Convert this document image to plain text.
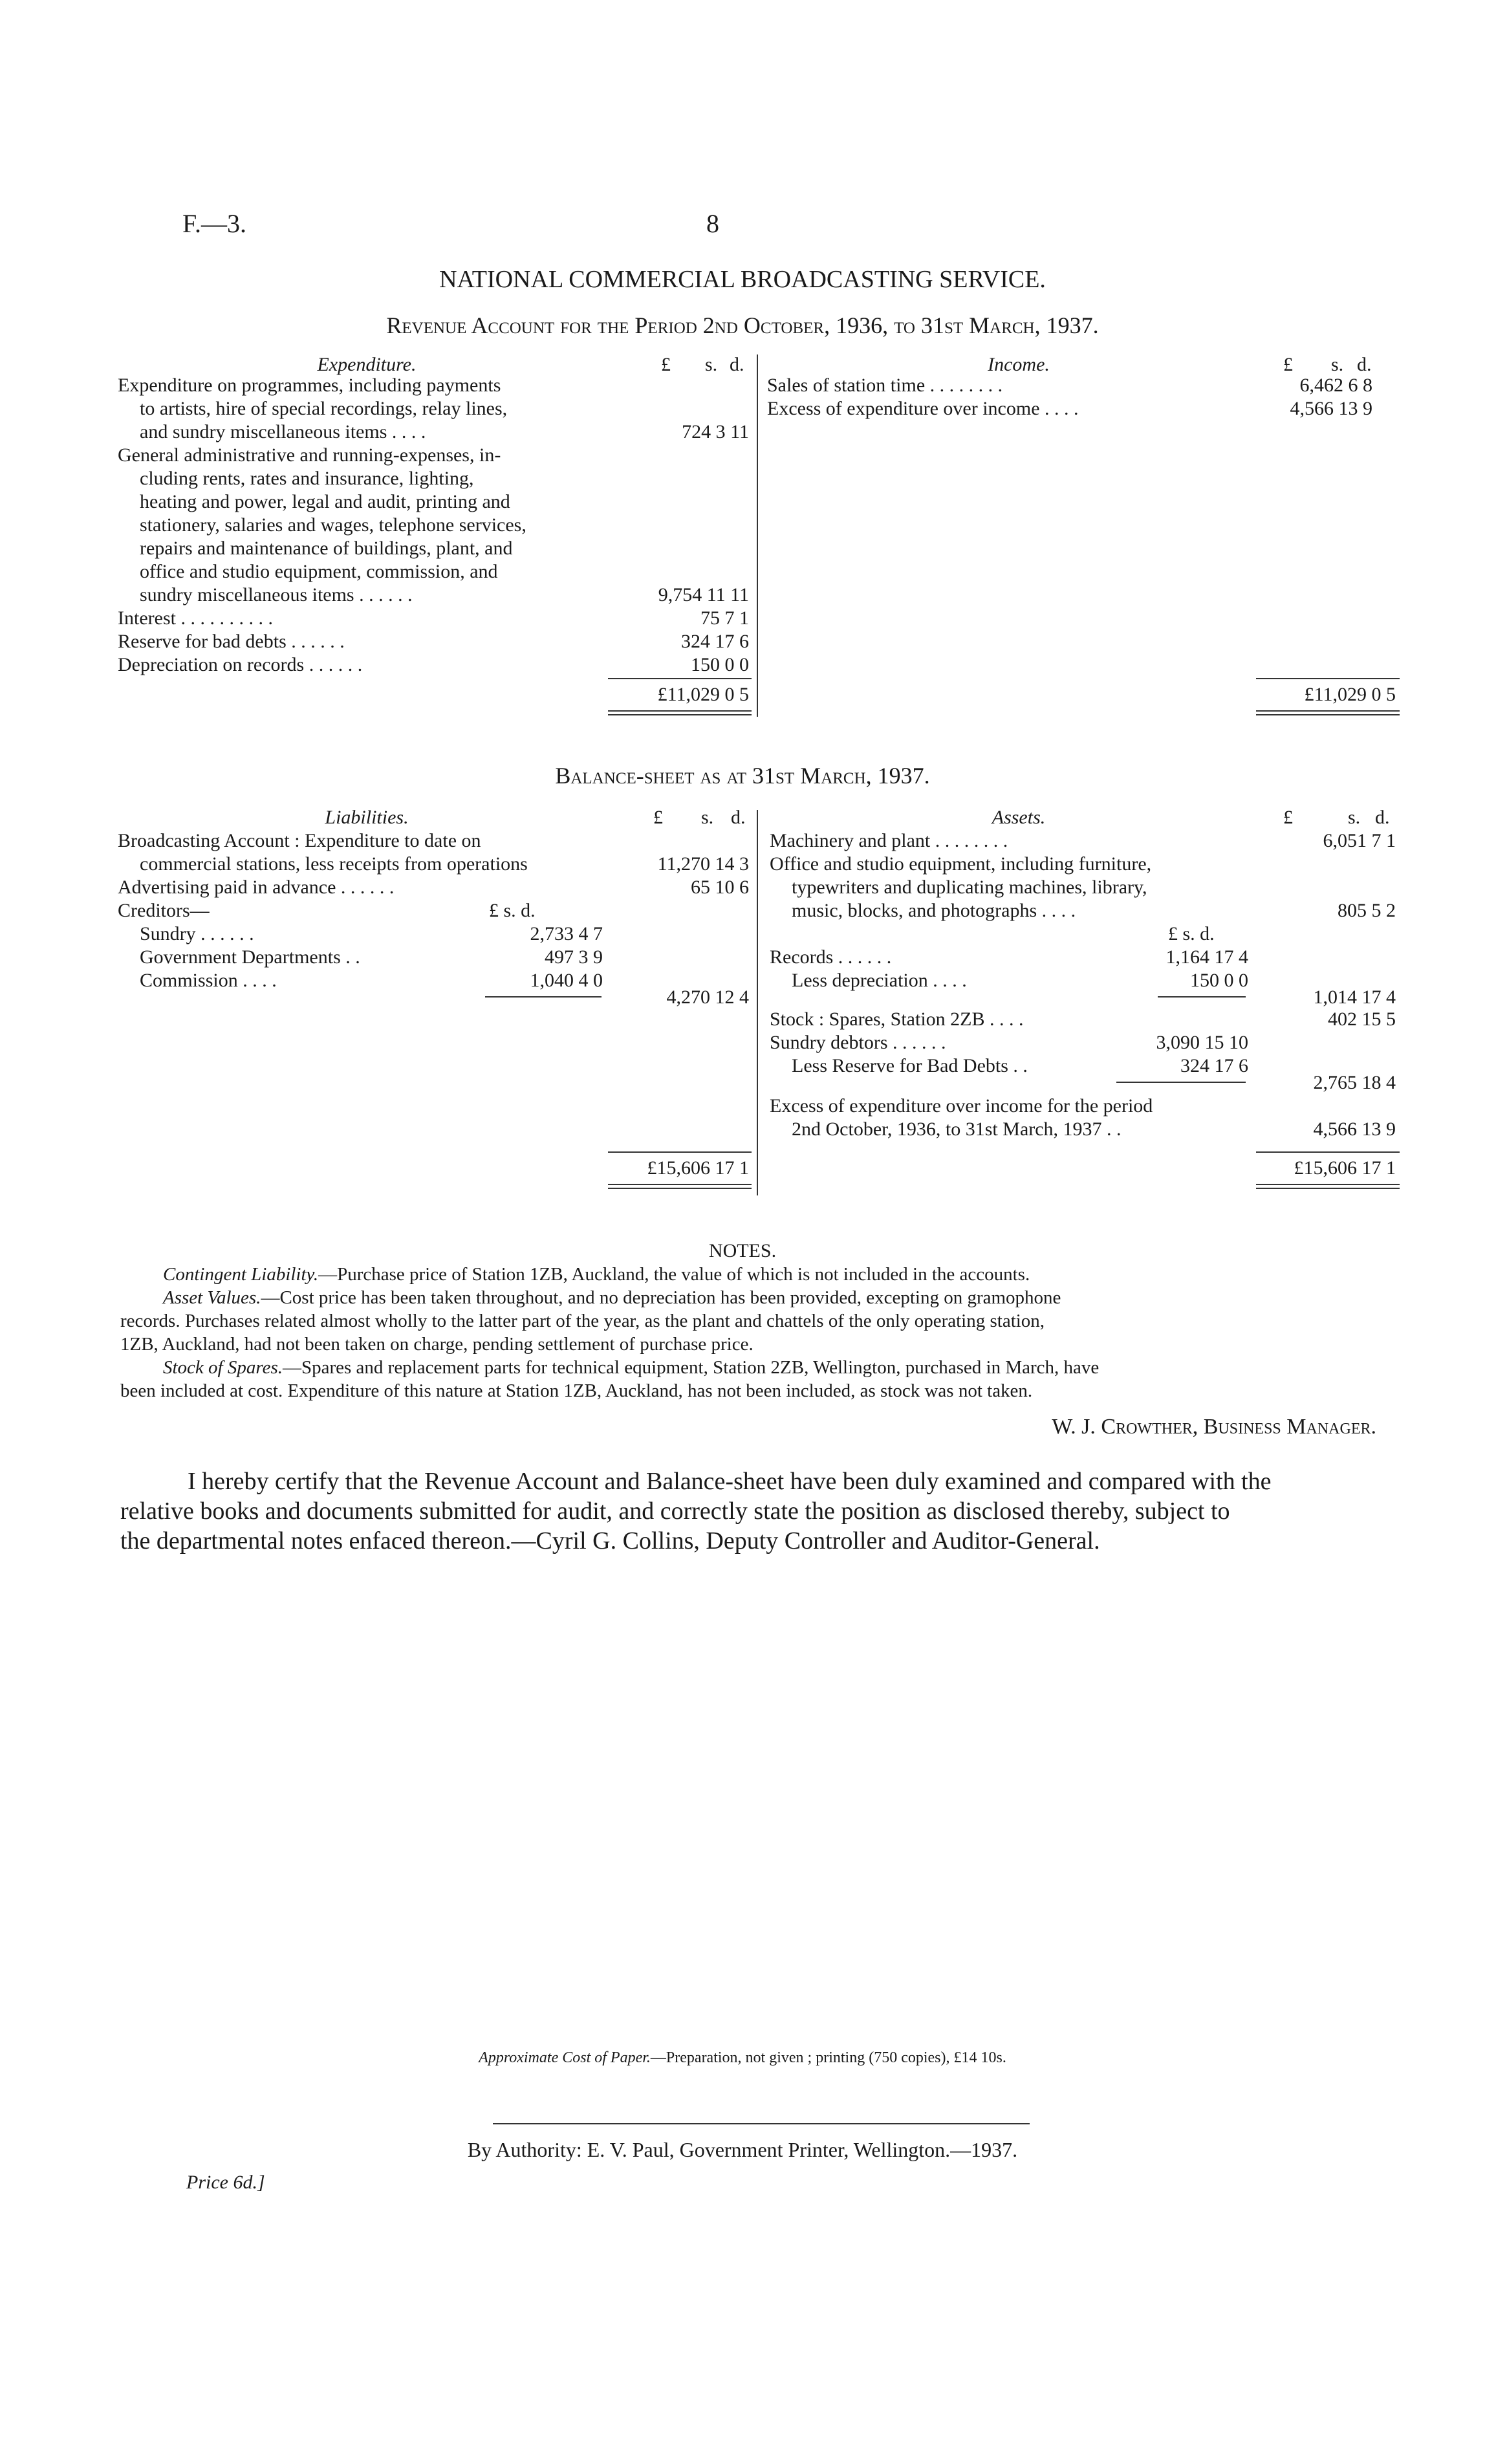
F.—3.	8
NATIONAL COMMERCIAL BROADCASTING SERVICE.
Revenue Account for the Period 2nd October, 1936, to 31st March, 1937.
Expenditure.	£ s. d.
Expenditure on programmes, including payments
to artists, hire of special recordings, relay lines,
and sundry miscellaneous items . . . .	724 3 11
General administrative and running-expenses, in-
cluding rents, rates and insurance, lighting,
heating and power, legal and audit, printing and
stationery, salaries and wages, telephone services,
repairs and maintenance of buildings, plant, and
office and studio equipment, commission, and
sundry miscellaneous items . . . . . .	9,754 11 11
Interest . . . . . . . . . .	75 7 1
Reserve for bad debts . . . . . .	324 17 6
Depreciation on records . . . . . .	150 0 0
£11,029 0 5
Income.	£ s. d.
Sales of station time . . . . . . . .	6,462 6 8
Excess of expenditure over income . . . .	4,566 13 9
£11,029 0 5
Balance-sheet as at 31st March, 1937.
Liabilities.	£ s. d.
Broadcasting Account : Expenditure to date on
commercial stations, less receipts from operations	11,270 14 3
Advertising paid in advance . . . . . .	65 10 6
Creditors—	£ s. d.
Sundry . . . . . .	2,733 4 7
Government Departments . .	497 3 9
Commission . . . .	1,040 4 0
4,270 12 4
£15,606 17 1
Assets.	£	s. d.
Machinery and plant . . . . . . . .	6,051 7 1
Office and studio equipment, including furniture,
typewriters and duplicating machines, library,
music, blocks, and photographs . . . .	805 5 2
£ s. d.
Records . . . . . .	1,164 17 4
Less depreciation . . . .	150 0 0
1,014 17 4
Stock : Spares, Station 2ZB . . . .	402 15 5
Sundry debtors . . . . . .	3,090 15 10
Less Reserve for Bad Debts . .	324 17 6
2,765 18 4
Excess of expenditure over income for the period
2nd October, 1936, to 31st March, 1937 . .	4,566 13 9
£15,606 17 1
NOTES.
Contingent Liability.—Purchase price of Station 1ZB, Auckland, the value of which is not included in the accounts.
Asset Values.—Cost price has been taken throughout, and no depreciation has been provided, excepting on gramophone
records. Purchases related almost wholly to the latter part of the year, as the plant and chattels of the only operating station,
1ZB, Auckland, had not been taken on charge, pending settlement of purchase price.
Stock of Spares.—Spares and replacement parts for technical equipment, Station 2ZB, Wellington, purchased in March, have
been included at cost. Expenditure of this nature at Station 1ZB, Auckland, has not been included, as stock was not taken.
W. J. Crowther, Business Manager.
I hereby certify that the Revenue Account and Balance-sheet have been duly examined and compared with the
relative books and documents submitted for audit, and correctly state the position as disclosed thereby, subject to
the departmental notes enfaced thereon.—Cyril G. Collins, Deputy Controller and Auditor-General.
Approximate Cost of Paper.—Preparation, not given ; printing (750 copies), £14 10s.
By Authority: E. V. Paul, Government Printer, Wellington.—1937.
Price 6d.]
